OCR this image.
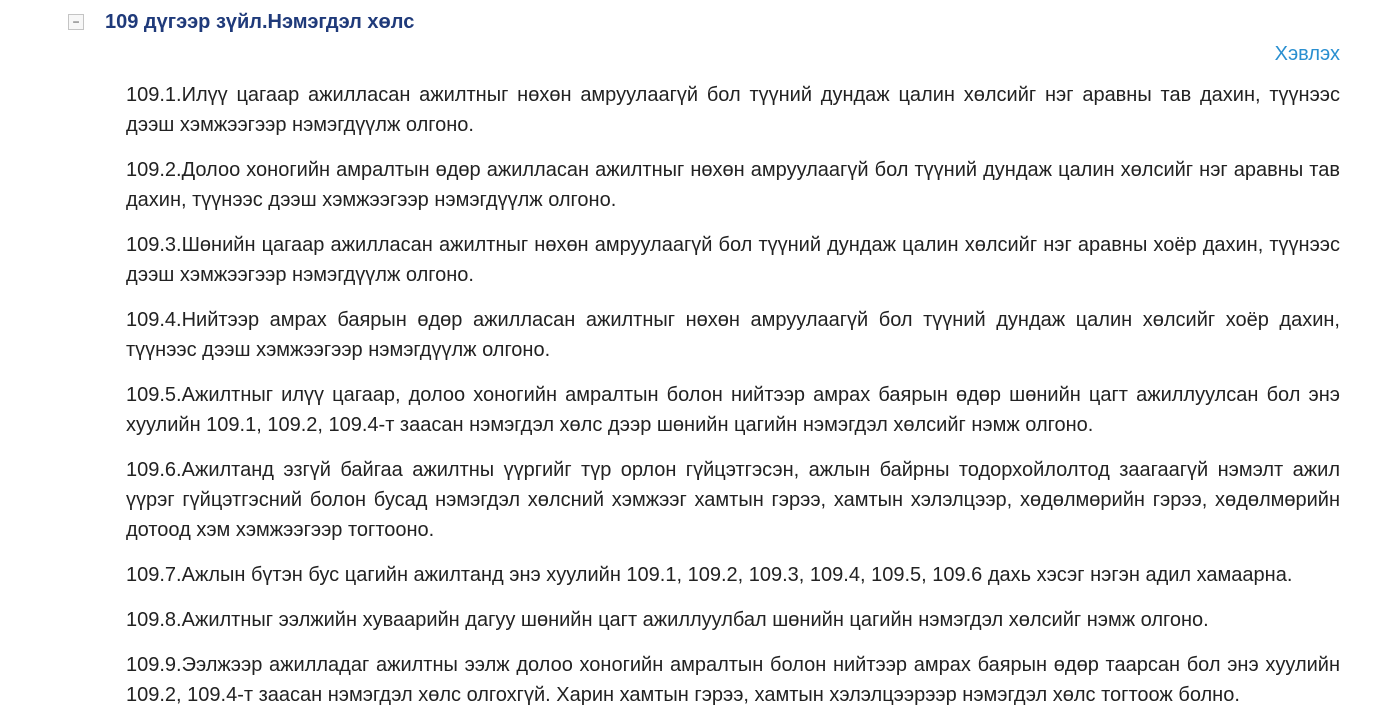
− 109 дүгээр зүйл.Нэмэгдэл хөлс
Хэвлэх

109.1.Илүү цагаар ажилласан ажилтныг нөхөн амруулаагүй бол түүний дундаж цалин хөлсийг нэг аравны тав дахин, түүнээс дээш хэмжээгээр нэмэгдүүлж олгоно.

109.2.Долоо хоногийн амралтын өдөр ажилласан ажилтныг нөхөн амруулаагүй бол түүний дундаж цалин хөлсийг нэг аравны тав дахин, түүнээс дээш хэмжээгээр нэмэгдүүлж олгоно.

109.3.Шөнийн цагаар ажилласан ажилтныг нөхөн амруулаагүй бол түүний дундаж цалин хөлсийг нэг аравны хоёр дахин, түүнээс дээш хэмжээгээр нэмэгдүүлж олгоно.

109.4.Нийтээр амрах баярын өдөр ажилласан ажилтныг нөхөн амруулаагүй бол түүний дундаж цалин хөлсийг хоёр дахин, түүнээс дээш хэмжээгээр нэмэгдүүлж олгоно.

109.5.Ажилтныг илүү цагаар, долоо хоногийн амралтын болон нийтээр амрах баярын өдөр шөнийн цагт ажиллуулсан бол энэ хуулийн 109.1, 109.2, 109.4-т заасан нэмэгдэл хөлс дээр шөнийн цагийн нэмэгдэл хөлсийг нэмж олгоно.

109.6.Ажилтанд эзгүй байгаа ажилтны үүргийг түр орлон гүйцэтгэсэн, ажлын байрны тодорхойлолтод заагаагүй нэмэлт ажил үүрэг гүйцэтгэсний болон бусад нэмэгдэл хөлсний хэмжээг хамтын гэрээ, хамтын хэлэлцээр, хөдөлмөрийн гэрээ, хөдөлмөрийн дотоод хэм хэмжээгээр тогтооно.

109.7.Ажлын бүтэн бус цагийн ажилтанд энэ хуулийн 109.1, 109.2, 109.3, 109.4, 109.5, 109.6 дахь хэсэг нэгэн адил хамаарна.

109.8.Ажилтныг ээлжийн хуваарийн дагуу шөнийн цагт ажиллуулбал шөнийн цагийн нэмэгдэл хөлсийг нэмж олгоно.

109.9.Ээлжээр ажилладаг ажилтны ээлж долоо хоногийн амралтын болон нийтээр амрах баярын өдөр таарсан бол энэ хуулийн 109.2, 109.4-т заасан нэмэгдэл хөлс олгохгүй. Харин хамтын гэрээ, хамтын хэлэлцээрээр нэмэгдэл хөлс тогтоож болно.
